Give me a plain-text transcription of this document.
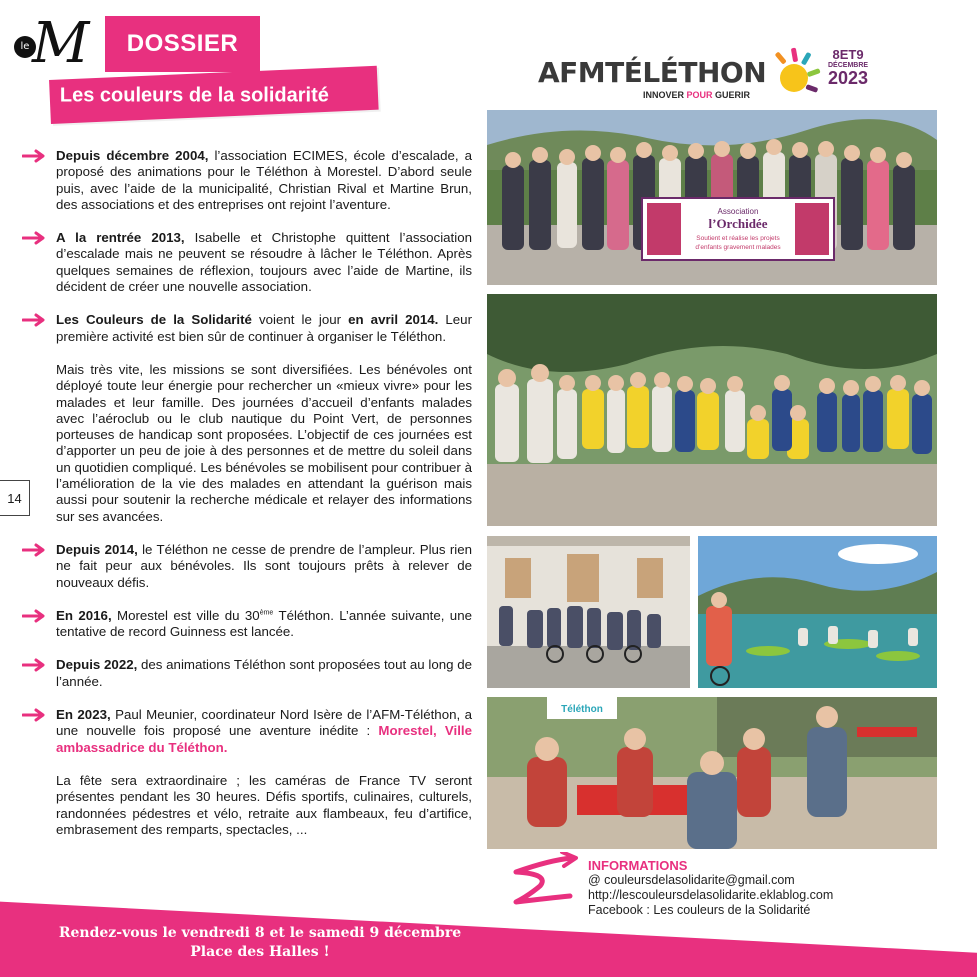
le M	DOSSIER
Les couleurs de la solidarité
AFMTÉLÉTHON
INNOVER POUR GUERIR
8ET9
DÉCEMBRE
2023
14

Depuis décembre 2004, l’association ECIMES, école d’escalade, a proposé des animations pour le Téléthon à Morestel. D’abord seule puis, avec l’aide de la municipalité, Christian Rival et Martine Brun, des associations et des entreprises ont rejoint l’aventure.

A la rentrée 2013, Isabelle et Christophe quittent l’association d’escalade mais ne peuvent se résoudre à lâcher le Téléthon. Après quelques semaines de réflexion, toujours avec l’aide de Martine, ils décident de créer une nouvelle association.

Les Couleurs de la Solidarité voient le jour en avril 2014. Leur première activité est bien sûr de continuer à organiser le Téléthon.

Mais très vite, les missions se sont diversifiées. Les bénévoles ont déployé toute leur énergie pour rechercher un «mieux vivre» pour les malades et leur famille. Des journées d’accueil d’enfants malades avec l’aéroclub ou le club nautique du Point Vert, de personnes porteuses de handicap sont proposées. L’objectif de ces journées est d’apporter un peu de joie à des personnes et de mettre du soleil dans un quotidien compliqué. Les bénévoles se mobilisent pour contribuer à l’amélioration de la vie des malades en attendant la guérison mais aussi pour soutenir la recherche médicale et relayer des informations sur ses avancées.

Depuis 2014, le Téléthon ne cesse de prendre de l’ampleur. Plus rien ne fait peur aux bénévoles. Ils sont toujours prêts à relever de nouveaux défis.

En 2016, Morestel est ville du 30ème Téléthon. L’année suivante, une tentative de record Guinness est lancée.

Depuis 2022, des animations Téléthon sont proposées tout au long de l’année.

En 2023, Paul Meunier, coordinateur Nord Isère de l’AFM-Téléthon, a une nouvelle fois proposé une aventure inédite : Morestel, Ville ambassadrice du Téléthon.

La fête sera extraordinaire ; les caméras de France TV seront présentes pendant les 30 heures. Défis sportifs, culinaires, culturels, randonnées pédestres et vélo, retraite aux flambeaux, feu d’artifice, embrasement des remparts, spectacles, ...

Association
l’Orchidée
Soutient et réalise les projets
d’enfants gravement malades
Téléthon
INFORMATIONS
@ couleursdelasolidarite@gmail.com
http://lescouleursdelasolidarite.eklablog.com
Facebook : Les couleurs de la Solidarité
Rendez-vous le vendredi 8 et le samedi 9 décembre
Place des Halles !
